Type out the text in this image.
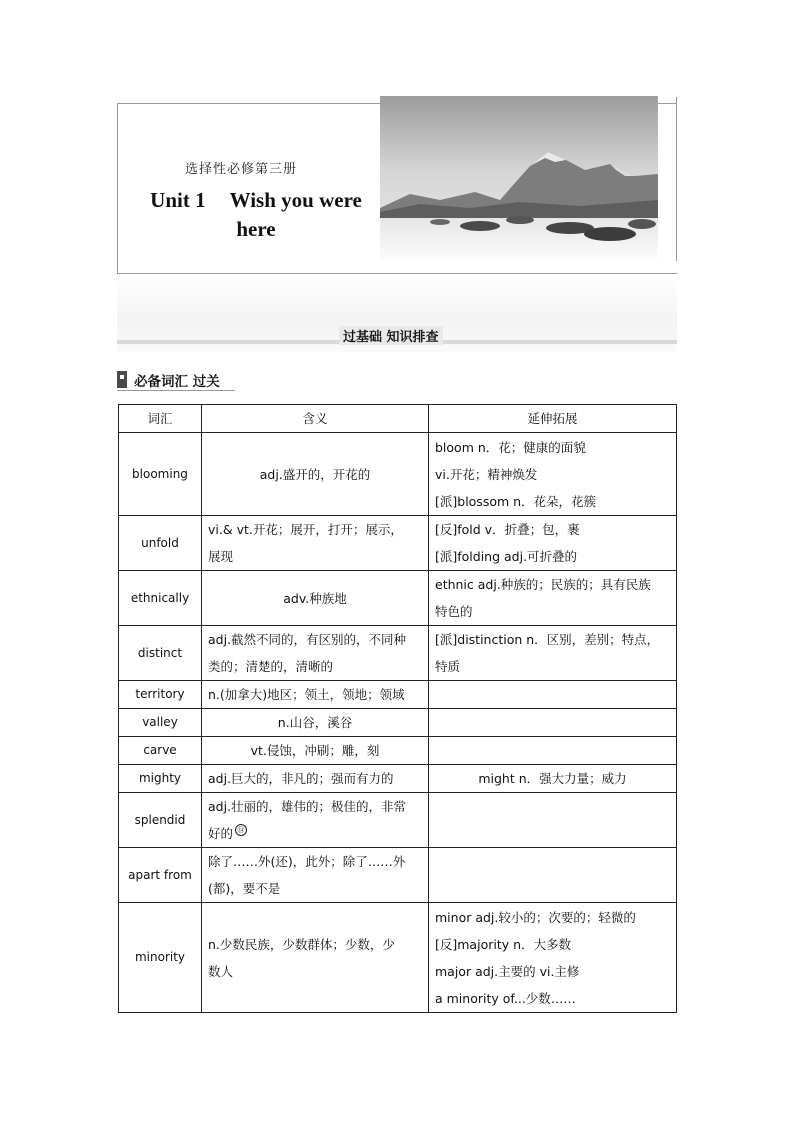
选择性必修第三册
Unit 1 Wish you were
here
过基础 知识排查
必备词汇 过关
词汇	含义	延伸拓展
blooming	adj.盛开的，开花的	bloom n．花；健康的面貌
vi.开花；精神焕发
[派]blossom n．花朵，花簇

unfold	vi.& vt.开花；展开，打开；展示，
展现	[反]fold v．折叠；包，裹
[派]folding adj.可折叠的

ethnically	adv.种族地	ethnic adj.种族的；民族的；具有民族
特色的

distinct	adj.截然不同的，有区别的，不同种
类的；清楚的，清晰的	[派]distinction n．区别，差别；特点，
特质

territory	n.(加拿大)地区；领土，领地；领域	
valley	n.山谷，溪谷	
carve	vt.侵蚀，冲刷；雕，刻	
mighty	adj.巨大的，非凡的；强而有力的	might n．强大力量；威力
splendid	adj.壮丽的，雄伟的；极佳的，非常
好的 ⑭	

apart from	除了……外(还)，此外；除了……外
(都)，要不是	

minority	n.少数民族，少数群体；少数，少
数人	minor adj.较小的；次要的；轻微的
[反]majority n．大多数
major adj.主要的 vi.主修
a minority of...少数……
